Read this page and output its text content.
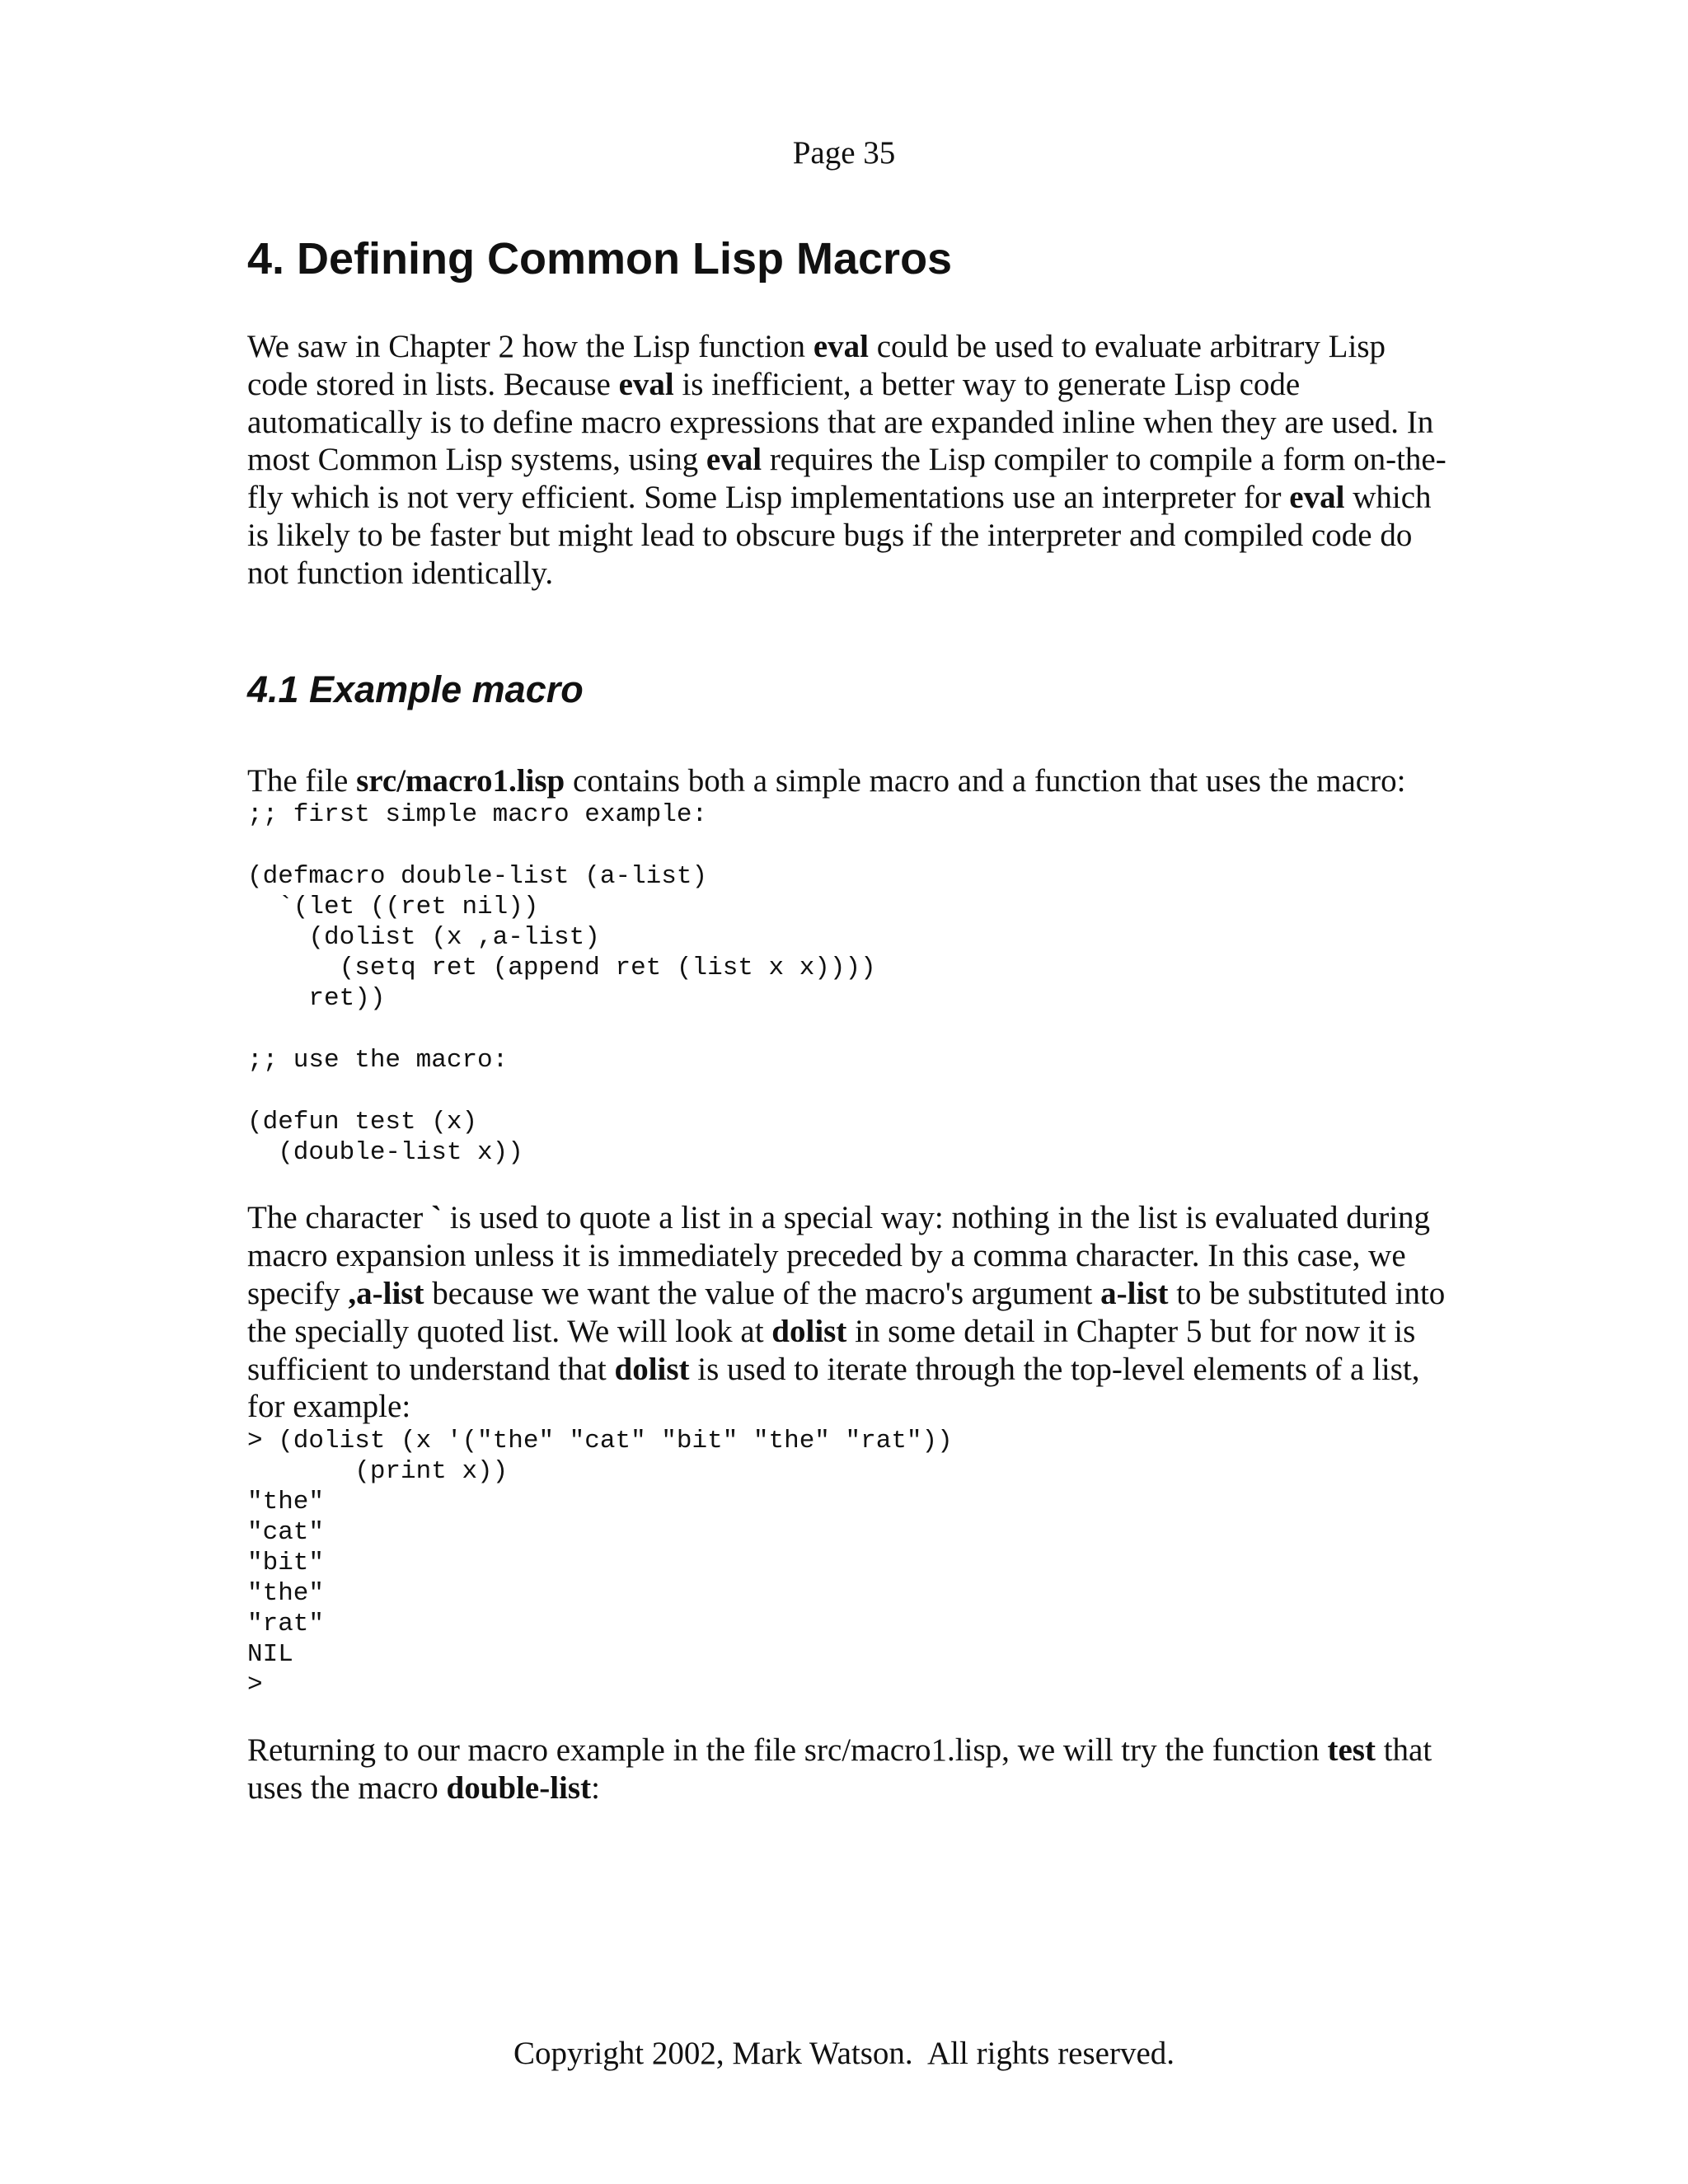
Page 35
4. Defining Common Lisp Macros

We saw in Chapter 2 how the Lisp function eval could be used to evaluate arbitrary Lisp code stored in lists. Because eval is inefficient, a better way to generate Lisp code automatically is to define macro expressions that are expanded inline when they are used. In most Common Lisp systems, using eval requires the Lisp compiler to compile a form on-the-fly which is not very efficient. Some Lisp implementations use an interpreter for eval which is likely to be faster but might lead to obscure bugs if the interpreter and compiled code do not function identically.

4.1 Example macro

The file src/macro1.lisp contains both a simple macro and a function that uses the macro:

;; first simple macro example:
(defmacro double-list (a-list)
`(let ((ret nil))
(dolist (x ,a-list)
(setq ret (append ret (list x x))))
ret))
;; use the macro:
(defun test (x)
(double-list x))

The character ` is used to quote a list in a special way: nothing in the list is evaluated during macro expansion unless it is immediately preceded by a comma character. In this case, we specify ,a-list because we want the value of the macro's argument a-list to be substituted into the specially quoted list. We will look at dolist in some detail in Chapter 5 but for now it is sufficient to understand that dolist is used to iterate through the top-level elements of a list, for example:

> (dolist (x '("the" "cat" "bit" "the" "rat"))
(print x))
"the"
"cat"
"bit"
"the"
"rat"
NIL
>

Returning to our macro example in the file src/macro1.lisp, we will try the function test that uses the macro double-list:

Copyright 2002, Mark Watson.  All rights reserved.
